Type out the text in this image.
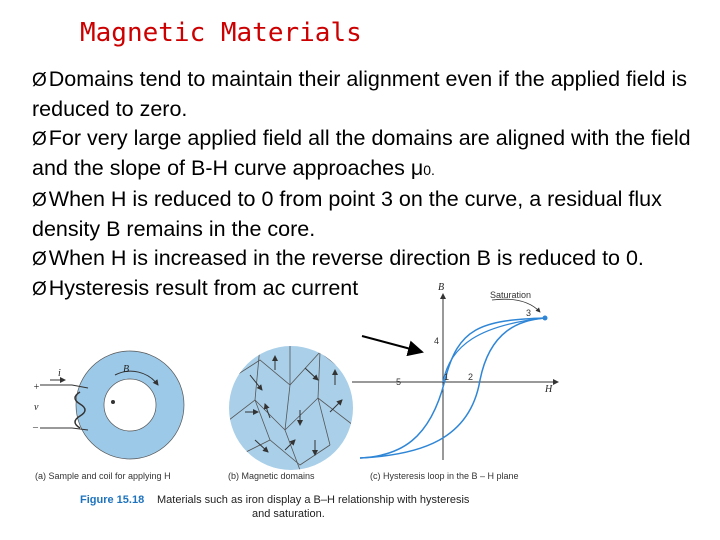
Magnetic Materials

ØDomains tend to maintain their alignment even if the applied field is reduced to zero.

ØFor very large applied field all the domains are aligned with the field and the slope of B-H curve approaches μ0.

ØWhen H is reduced to 0 from point 3 on the curve, a residual flux density B remains in the core.

ØWhen H is increased in the reverse direction B is reduced to 0.

ØHysteresis result from ac current

i	B
+
v
–
(a) Sample and coil for applying H	(b) Magnetic domains
H
B
Saturation
1 2
3
4
5
(c) Hysteresis loop in the B – H plane
Figure 15.18 Materials such as iron display a B–H relationship with hysteresis
and saturation.
